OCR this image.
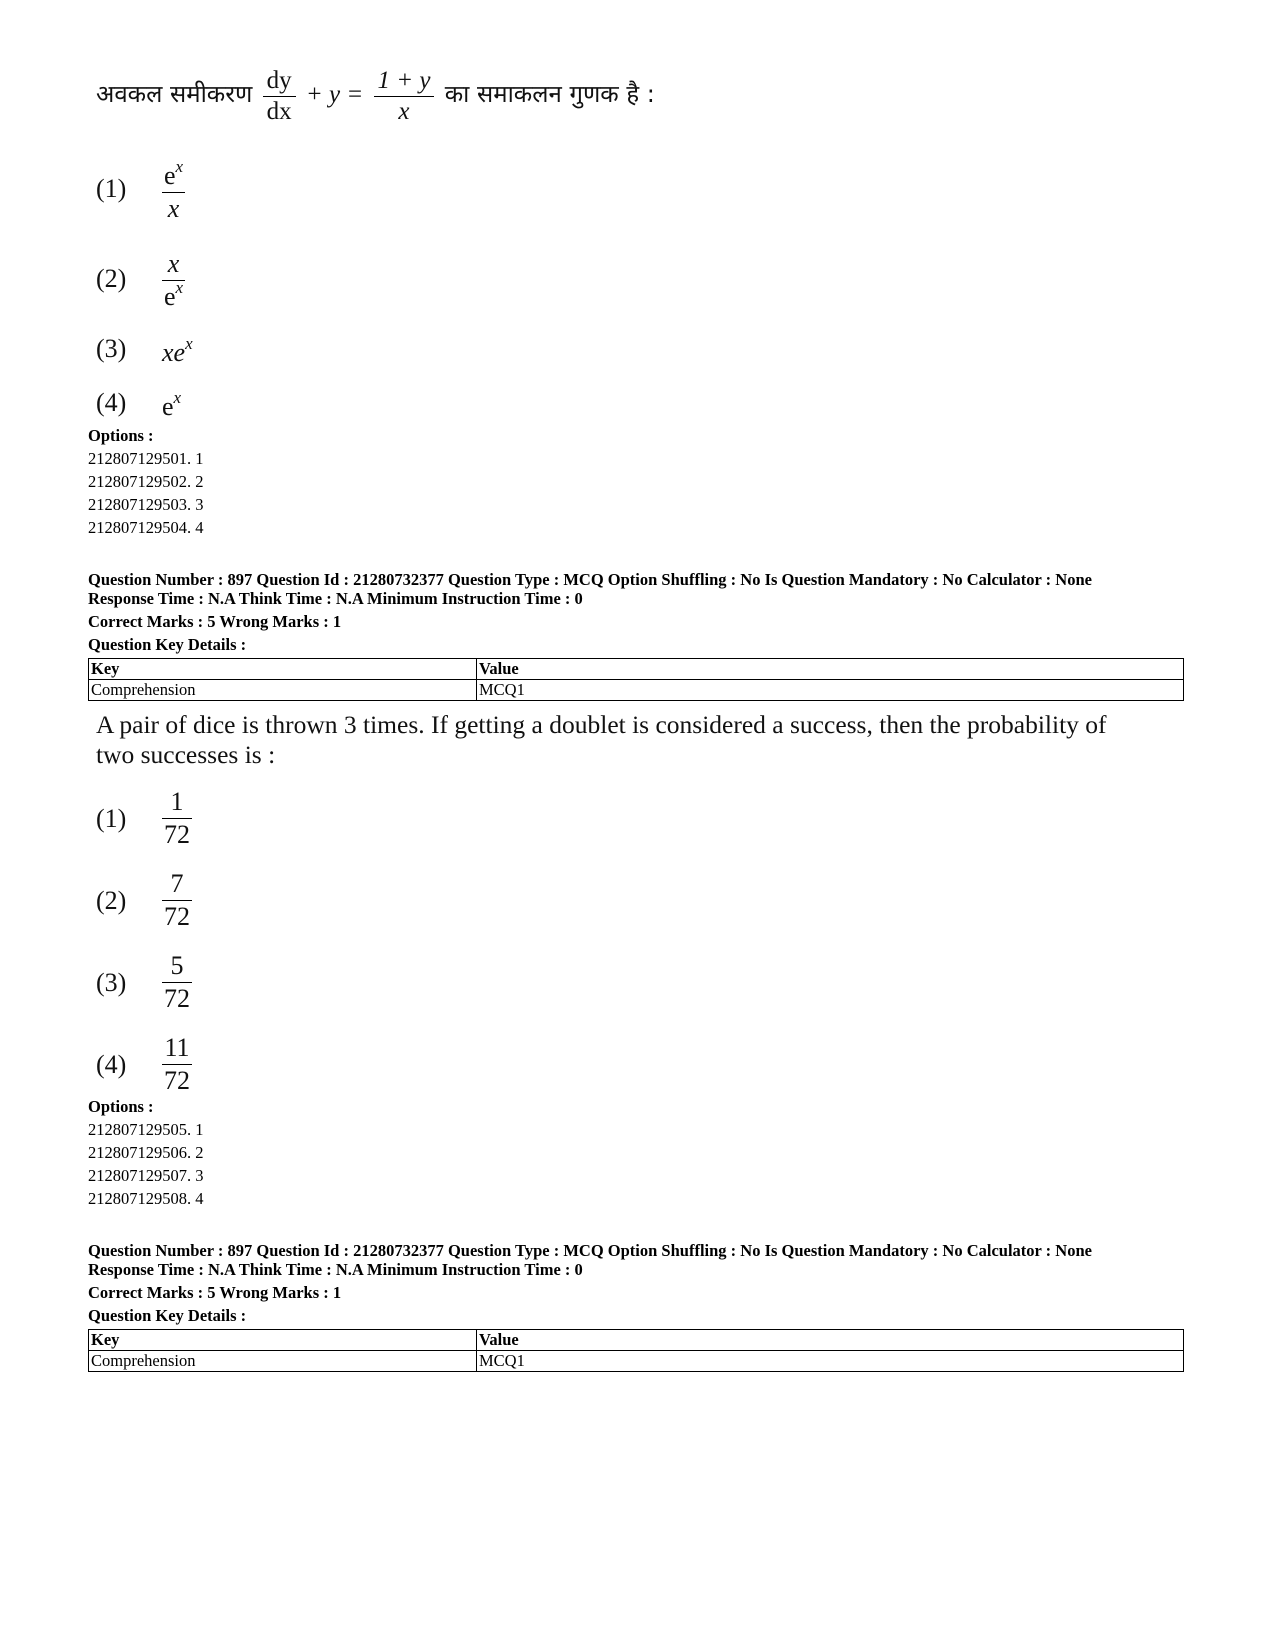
अवकल समीकरण $\frac{dy}{dx} + y = \frac{1 + y}{x}$ का समाकलन गुणक है :
(1)	$\frac{e^x}{x}$
(2)	$\frac{x}{e^x}$
(3)	$xe^x$
(4)	$e^x$
Options :
212807129501. 1
212807129502. 2
212807129503. 3
212807129504. 4
Question Number : 897 Question Id : 21280732377 Question Type : MCQ Option Shuffling : No Is Question Mandatory : No Calculator : None
Response Time : N.A Think Time : N.A Minimum Instruction Time : 0
Correct Marks : 5 Wrong Marks : 1
Question Key Details :
Key	Value
Comprehension	MCQ1
A pair of dice is thrown 3 times. If getting a doublet is considered a success, then the probability of
two successes is :
(1)	$\frac{1}{72}$
(2)	$\frac{7}{72}$
(3)	$\frac{5}{72}$
(4)	$\frac{11}{72}$
Options :
212807129505. 1
212807129506. 2
212807129507. 3
212807129508. 4
Question Number : 897 Question Id : 21280732377 Question Type : MCQ Option Shuffling : No Is Question Mandatory : No Calculator : None
Response Time : N.A Think Time : N.A Minimum Instruction Time : 0
Correct Marks : 5 Wrong Marks : 1
Question Key Details :
Key	Value
Comprehension	MCQ1
